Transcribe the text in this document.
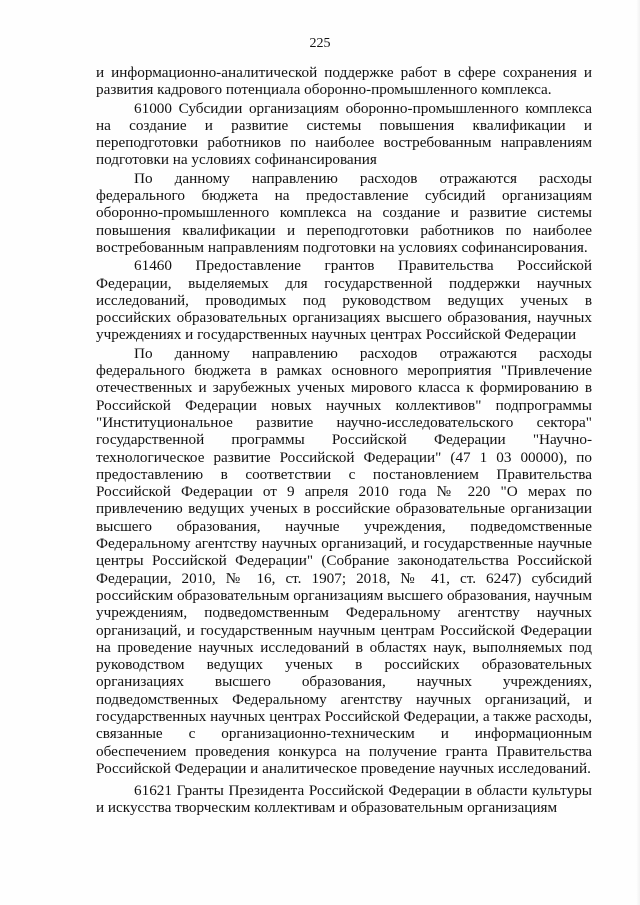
225

и информационно-аналитической поддержке работ в сфере сохранения и развития кадрового потенциала оборонно-промышленного комплекса.

61000 Субсидии организациям оборонно-промышленного комплекса на создание и развитие системы повышения квалификации и переподготовки работников по наиболее востребованным направлениям подготовки на условиях софинансирования

По данному направлению расходов отражаются расходы федерального бюджета на предоставление субсидий организациям оборонно-промышленного комплекса на создание и развитие системы повышения квалификации и переподготовки работников по наиболее востребованным направлениям подготовки на условиях софинансирования.

61460 Предоставление грантов Правительства Российской Федерации, выделяемых для государственной поддержки научных исследований, проводимых под руководством ведущих ученых в российских образовательных организациях высшего образования, научных учреждениях и государственных научных центрах Российской Федерации

По данному направлению расходов отражаются расходы федерального бюджета в рамках основного мероприятия "Привлечение отечественных и зарубежных ученых мирового класса к формированию в Российской Федерации новых научных коллективов" подпрограммы "Институциональное развитие научно-исследовательского сектора" государственной программы Российской Федерации "Научно-технологическое развитие Российской Федерации" (47 1 03 00000), по предоставлению в соответствии с постановлением Правительства Российской Федерации от 9 апреля 2010 года № 220 "О мерах по привлечению ведущих ученых в российские образовательные организации высшего образования, научные учреждения, подведомственные Федеральному агентству научных организаций, и государственные научные центры Российской Федерации" (Собрание законодательства Российской Федерации, 2010, № 16, ст. 1907; 2018, № 41, ст. 6247) субсидий российским образовательным организациям высшего образования, научным учреждениям, подведомственным Федеральному агентству научных организаций, и государственным научным центрам Российской Федерации на проведение научных исследований в областях наук, выполняемых под руководством ведущих ученых в российских образовательных организациях высшего образования, научных учреждениях, подведомственных Федеральному агентству научных организаций, и государственных научных центрах Российской Федерации, а также расходы, связанные с организационно-техническим и информационным обеспечением проведения конкурса на получение гранта Правительства Российской Федерации и аналитическое проведение научных исследований.

61621 Гранты Президента Российской Федерации в области культуры и искусства творческим коллективам и образовательным организациям
